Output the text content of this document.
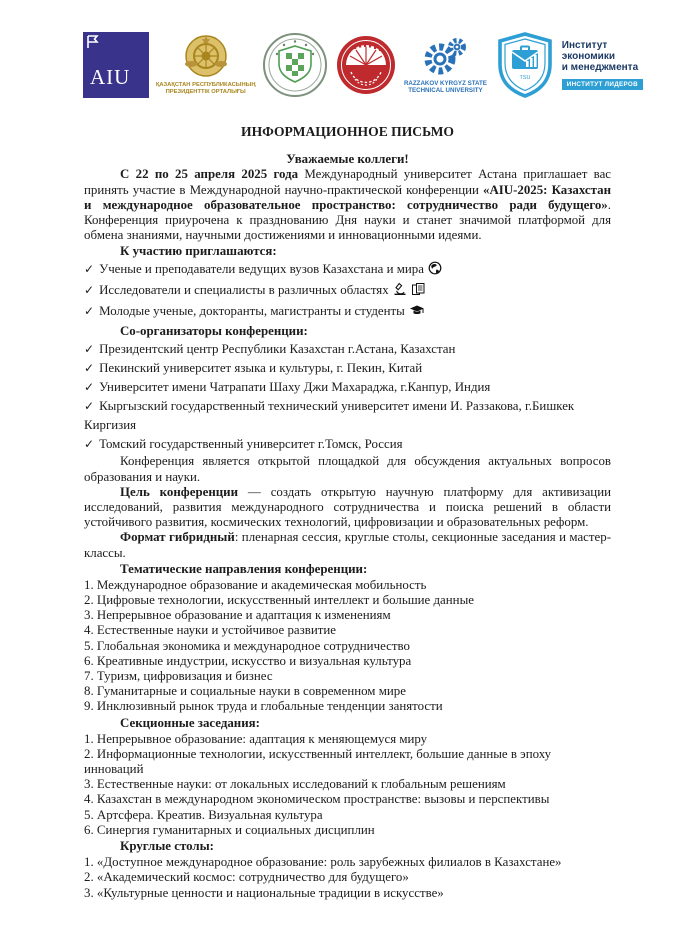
AIU	ҚАЗАҚСТАН РЕСПУБЛИКАСЫНЫҢ
ПРЕЗИДЕНТТІК ОРТАЛЫҒЫ
RAZZAKOV KYRGYZ STATE
TECHNICAL UNIVERSITY
TSU
Институт
экономики
и менеджмента
ИНСТИТУТ ЛИДЕРОВ
ИНФОРМАЦИОННОЕ ПИСЬМО
Уважаемые коллеги!
С 22 по 25 апреля 2025 года Международный университет Астана приглашает вас принять участие в Международной научно-практической конференции «AIU-2025: Казахстан и международное образовательное пространство: сотрудничество ради будущего». Конференция приурочена к празднованию Дня науки и станет значимой платформой для обмена знаниями, научными достижениями и инновационными идеями.
К участию приглашаются:
✓ Ученые и преподаватели ведущих вузов Казахстана и мира
✓ Исследователи и специалисты в различных областях
✓ Молодые ученые, докторанты, магистранты и студенты
Со-организаторы конференции:
✓ Президентский центр Республики Казахстан г.Астана, Казахстан
✓ Пекинский университет языка и культуры, г. Пекин, Китай
✓ Университет имени Чатрапати Шаху Джи Махараджа, г.Канпур, Индия
✓ Кыргызский государственный технический университет имени И. Раззакова, г.Бишкек Киргизия
✓ Томский государственный университет г.Томск, Россия
Конференция является открытой площадкой для обсуждения актуальных вопросов образования и науки.
Цель конференции — создать открытую научную платформу для активизации исследований, развития международного сотрудничества и поиска решений в области устойчивого развития, космических технологий, цифровизации и образовательных реформ.
Формат гибридный: пленарная сессия, круглые столы, секционные заседания и мастер-классы.
Тематические направления конференции:
1. Международное образование и академическая мобильность
2. Цифровые технологии, искусственный интеллект и большие данные
3. Непрерывное образование и адаптация к изменениям
4. Естественные науки и устойчивое развитие
5. Глобальная экономика и международное сотрудничество
6. Креативные индустрии, искусство и визуальная культура
7. Туризм, цифровизация и бизнес
8. Гуманитарные и социальные науки в современном мире
9. Инклюзивный рынок труда и глобальные тенденции занятости
Секционные заседания:
1. Непрерывное образование: адаптация к меняющемуся миру
2. Информационные технологии, искусственный интеллект, большие данные в эпоху инноваций
3. Естественные науки: от локальных исследований к глобальным решениям
4. Казахстан в международном экономическом пространстве: вызовы и перспективы
5. Артсфера. Креатив. Визуальная культура
6. Синергия гуманитарных и социальных дисциплин
Круглые столы:
1. «Доступное международное образование: роль зарубежных филиалов в Казахстане»
2. «Академический космос: сотрудничество для будущего»
3. «Культурные ценности и национальные традиции в искусстве»
